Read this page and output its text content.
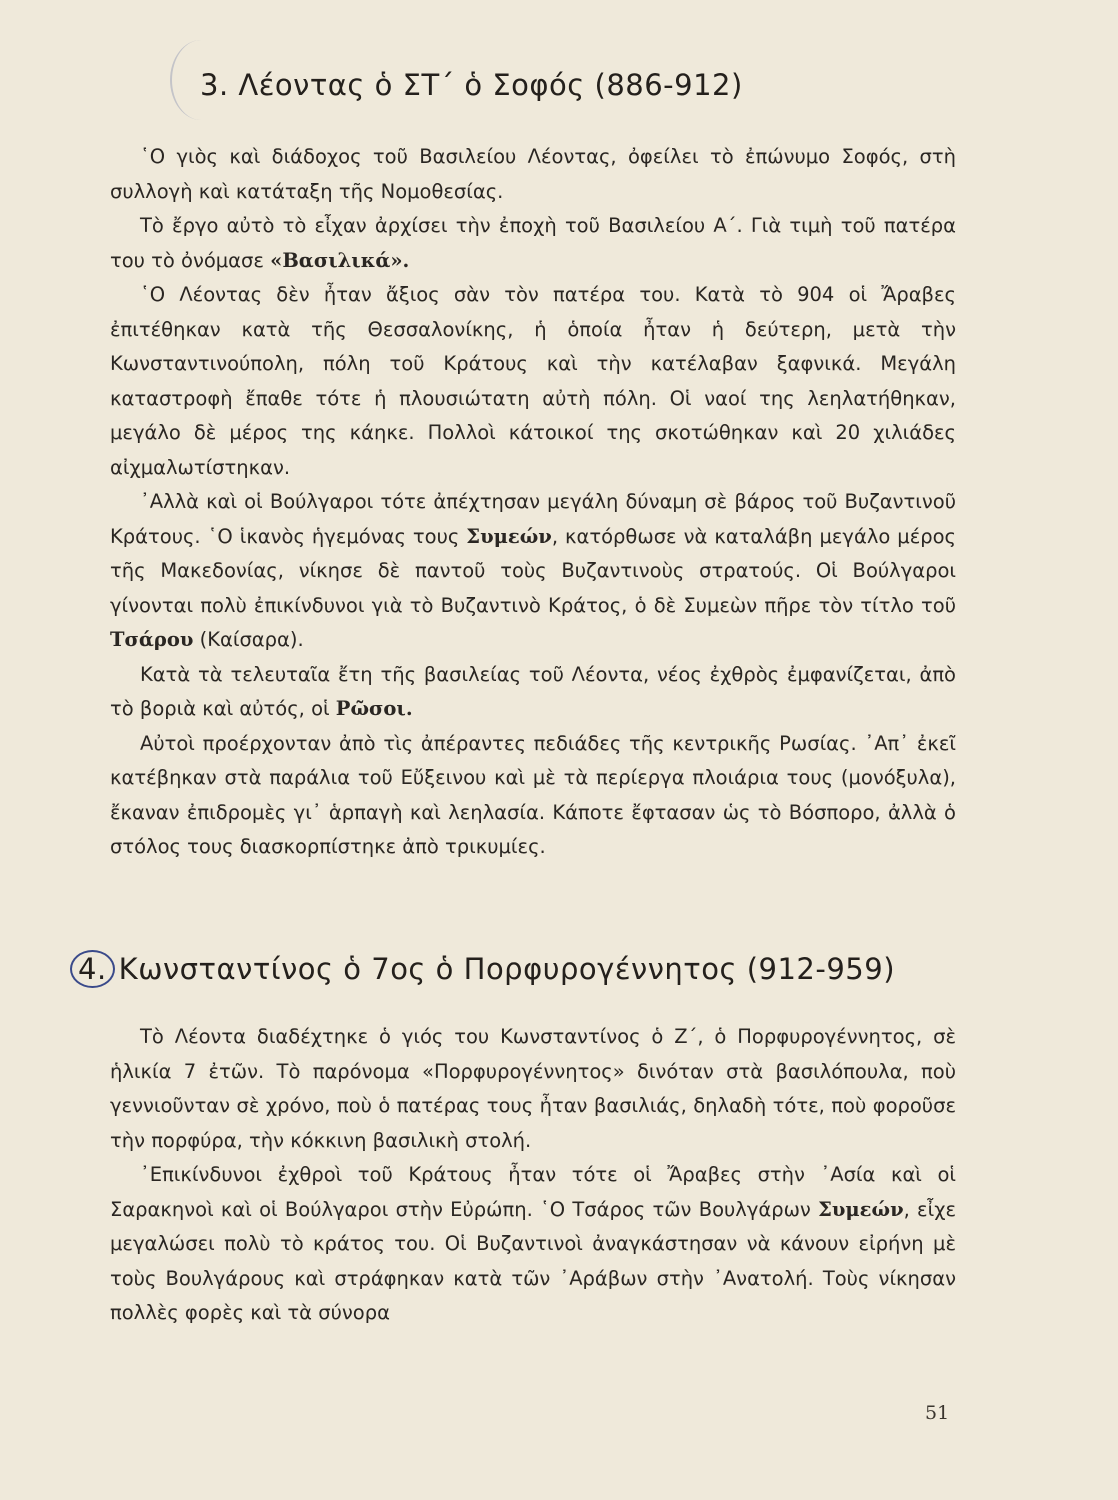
3. Λέοντας ὁ ΣΤ΄ ὁ Σοφός (886-912)

῾Ο γιὸς καὶ διάδοχος τοῦ Βασιλείου Λέοντας, ὀφείλει τὸ ἐπώνυμο Σοφός, στὴ συλλογὴ καὶ κατάταξη τῆς Νομοθεσίας.

Τὸ ἔργο αὐτὸ τὸ εἶχαν ἀρχίσει τὴν ἐποχὴ τοῦ Βασιλείου Α΄. Γιὰ τιμὴ τοῦ πατέρα του τὸ ὀνόμασε «Βασιλικά».

῾Ο Λέοντας δὲν ἦταν ἄξιος σὰν τὸν πατέρα του. Κατὰ τὸ 904 οἱ Ἄραβες ἐπιτέθηκαν κατὰ τῆς Θεσσαλονίκης, ἡ ὁποία ἦταν ἡ δεύτερη, μετὰ τὴν Κωνσταντινούπολη, πόλη τοῦ Κράτους καὶ τὴν κατέλαβαν ξαφνικά. Μεγάλη καταστροφὴ ἔπαθε τότε ἡ πλουσιώτατη αὐτὴ πόλη. Οἱ ναοί της λεηλατήθηκαν, μεγάλο δὲ μέρος της κάηκε. Πολλοὶ κάτοικοί της σκοτώθηκαν καὶ 20 χιλιάδες αἰχμαλωτίστηκαν.

᾿Αλλὰ καὶ οἱ Βούλγαροι τότε ἀπέχτησαν μεγάλη δύναμη σὲ βάρος τοῦ Βυζαντινοῦ Κράτους. ῾Ο ἱκανὸς ἡγεμόνας τους Συμεών, κατόρθωσε νὰ καταλάβη μεγάλο μέρος τῆς Μακεδονίας, νίκησε δὲ παντοῦ τοὺς Βυζαντινοὺς στρατούς. Οἱ Βούλγαροι γίνονται πολὺ ἐπικίνδυνοι γιὰ τὸ Βυζαντινὸ Κράτος, ὁ δὲ Συμεὼν πῆρε τὸν τίτλο τοῦ Τσάρου (Καίσαρα).

Κατὰ τὰ τελευταῖα ἔτη τῆς βασιλείας τοῦ Λέοντα, νέος ἐχθρὸς ἐμφανίζεται, ἀπὸ τὸ βοριὰ καὶ αὐτός, οἱ Ρῶσοι.

Αὐτοὶ προέρχονταν ἀπὸ τὶς ἀπέραντες πεδιάδες τῆς κεντρικῆς Ρωσίας. ᾿Απ᾿ ἐκεῖ κατέβηκαν στὰ παράλια τοῦ Εὔξεινου καὶ μὲ τὰ περίεργα πλοιάρια τους (μονόξυλα), ἔκαναν ἐπιδρομὲς γι᾿ ἁρπαγὴ καὶ λεηλασία. Κάποτε ἔφτασαν ὡς τὸ Βόσπορο, ἀλλὰ ὁ στόλος τους διασκορπίστηκε ἀπὸ τρικυμίες.

4. Κωνσταντίνος ὁ 7ος ὁ Πορφυρογέννητος (912-959)

Τὸ Λέοντα διαδέχτηκε ὁ γιός του Κωνσταντίνος ὁ Ζ΄, ὁ Πορφυρογέννητος, σὲ ἡλικία 7 ἐτῶν. Τὸ παρόνομα «Πορφυρογέννητος» δινόταν στὰ βασιλόπουλα, ποὺ γεννιοῦνταν σὲ χρόνο, ποὺ ὁ πατέρας τους ἦταν βασιλιάς, δηλαδὴ τότε, ποὺ φοροῦσε τὴν πορφύρα, τὴν κόκκινη βασιλικὴ στολή.

᾿Επικίνδυνοι ἐχθροὶ τοῦ Κράτους ἦταν τότε οἱ Ἄραβες στὴν ᾿Ασία καὶ οἱ Σαρακηνοὶ καὶ οἱ Βούλγαροι στὴν Εὐρώπη. ῾Ο Τσάρος τῶν Βουλγάρων Συμεών, εἶχε μεγαλώσει πολὺ τὸ κράτος του. Οἱ Βυζαντινοὶ ἀναγκάστησαν νὰ κάνουν εἰρήνη μὲ τοὺς Βουλγάρους καὶ στράφηκαν κατὰ τῶν ᾿Αράβων στὴν ᾿Ανατολή. Τοὺς νίκησαν πολλὲς φορὲς καὶ τὰ σύνορα

51
